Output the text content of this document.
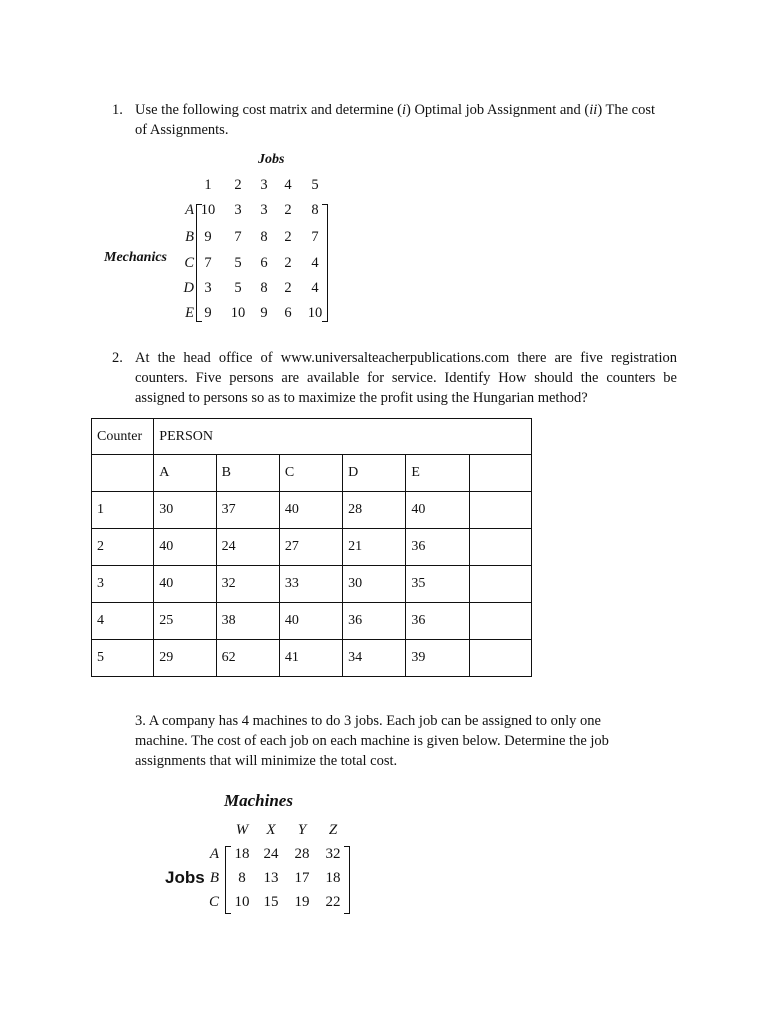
1. Use the following cost matrix and determine (i) Optimal job Assignment and (ii) The cost
of Assignments.
Jobs
Mechanics
1	2	3	4	5
A 10	3	3	2	8
B 9	7	8	2	7
C 7	5	6	2	4
D 3	5	8	2	4
E 9	10	9	6	10
2. At the head office of www.universalteacherpublications.com there are five registration
counters. Five persons are available for service. Identify How should the counters be
assigned to persons so as to maximize the profit using the Hungarian method?
Counter	PERSON					
	A	B	C	D	E	
1	30	37	40	28	40	
2	40	24	27	21	36	
3	40	32	33	30	35	
4	25	38	40	36	36	
5	29	62	41	34	39	
3. A company has 4 machines to do 3 jobs. Each job can be assigned to only one
machine. The cost of each job on each machine is given below. Determine the job
assignments that will minimize the total cost.
Machines
Jobs
W	X	Y	Z
A 18 24 28 32
B	8	13 17 18
C 10 15 19 22
